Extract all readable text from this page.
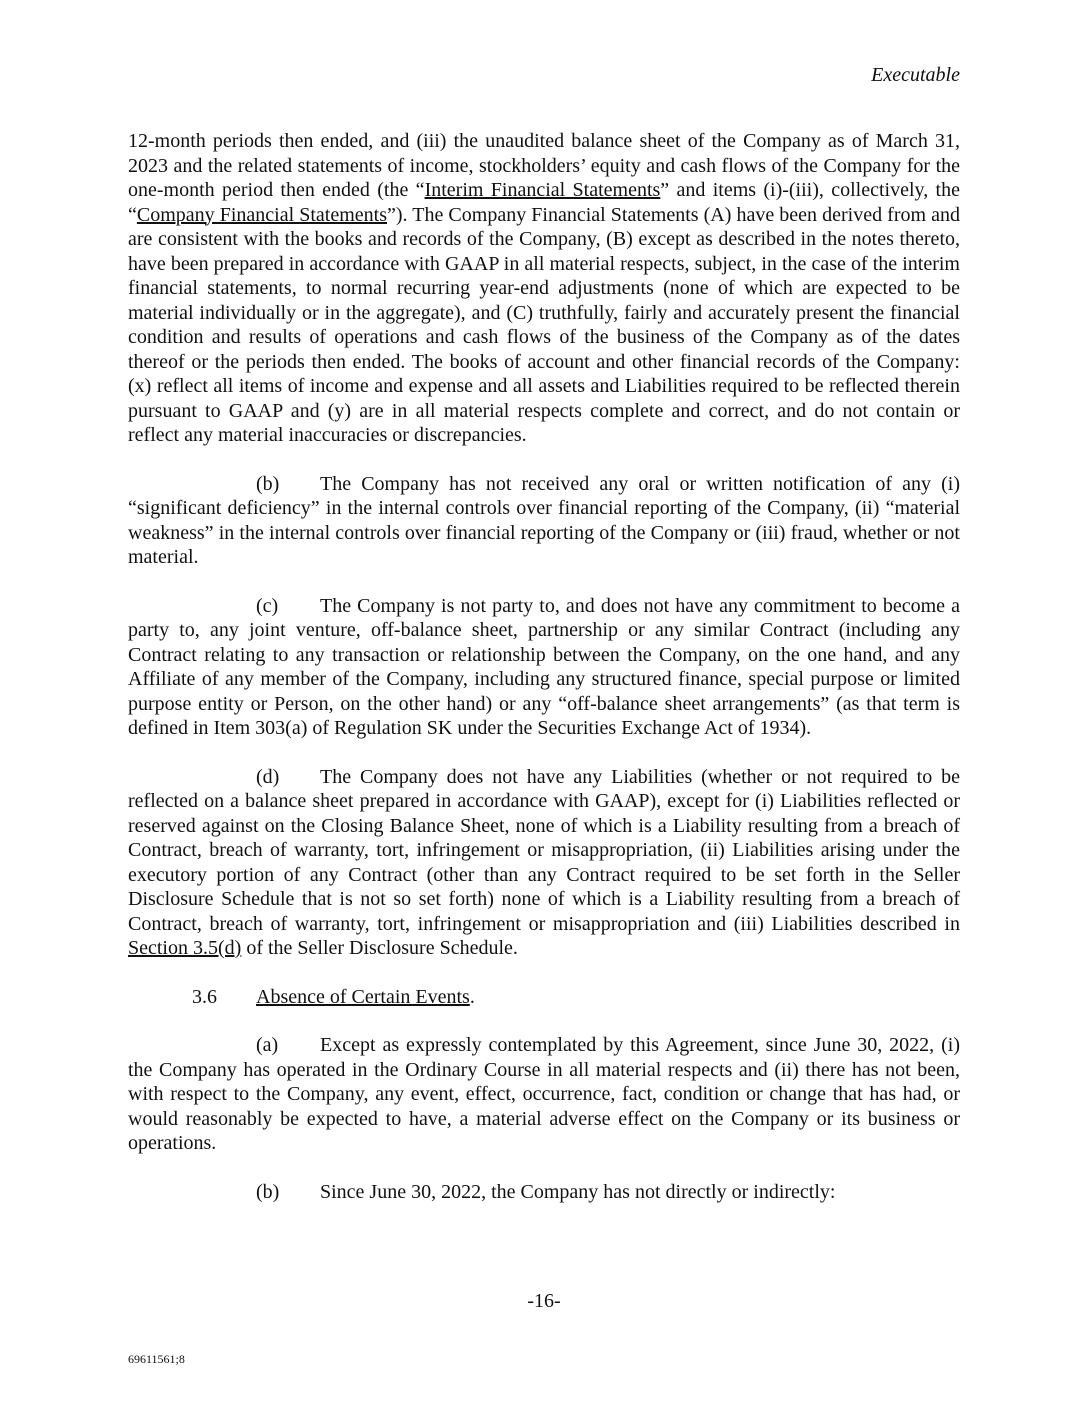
Executable

12-month periods then ended, and (iii) the unaudited balance sheet of the Company as of March 31, 2023 and the related statements of income, stockholders’ equity and cash flows of the Company for the one-month period then ended (the “Interim Financial Statements” and items (i)-(iii), collectively, the “Company Financial Statements”). The Company Financial Statements (A) have been derived from and are consistent with the books and records of the Company, (B) except as described in the notes thereto, have been prepared in accordance with GAAP in all material respects, subject, in the case of the interim financial statements, to normal recurring year-end adjustments (none of which are expected to be material individually or in the aggregate), and (C) truthfully, fairly and accurately present the financial condition and results of operations and cash flows of the business of the Company as of the dates thereof or the periods then ended. The books of account and other financial records of the Company: (x) reflect all items of income and expense and all assets and Liabilities required to be reflected therein pursuant to GAAP and (y) are in all material respects complete and correct, and do not contain or reflect any material inaccuracies or discrepancies.

(b) The Company has not received any oral or written notification of any (i) “significant deficiency” in the internal controls over financial reporting of the Company, (ii) “material weakness” in the internal controls over financial reporting of the Company or (iii) fraud, whether or not material.

(c) The Company is not party to, and does not have any commitment to become a party to, any joint venture, off-balance sheet, partnership or any similar Contract (including any Contract relating to any transaction or relationship between the Company, on the one hand, and any Affiliate of any member of the Company, including any structured finance, special purpose or limited purpose entity or Person, on the other hand) or any “off-balance sheet arrangements” (as that term is defined in Item 303(a) of Regulation SK under the Securities Exchange Act of 1934).

(d) The Company does not have any Liabilities (whether or not required to be reflected on a balance sheet prepared in accordance with GAAP), except for (i) Liabilities reflected or reserved against on the Closing Balance Sheet, none of which is a Liability resulting from a breach of Contract, breach of warranty, tort, infringement or misappropriation, (ii) Liabilities arising under the executory portion of any Contract (other than any Contract required to be set forth in the Seller Disclosure Schedule that is not so set forth) none of which is a Liability resulting from a breach of Contract, breach of warranty, tort, infringement or misappropriation and (iii) Liabilities described in Section 3.5(d) of the Seller Disclosure Schedule.

3.6 Absence of Certain Events.

(a) Except as expressly contemplated by this Agreement, since June 30, 2022, (i) the Company has operated in the Ordinary Course in all material respects and (ii) there has not been, with respect to the Company, any event, effect, occurrence, fact, condition or change that has had, or would reasonably be expected to have, a material adverse effect on the Company or its business or operations.

(b) Since June 30, 2022, the Company has not directly or indirectly:

-16-
69611561;8
